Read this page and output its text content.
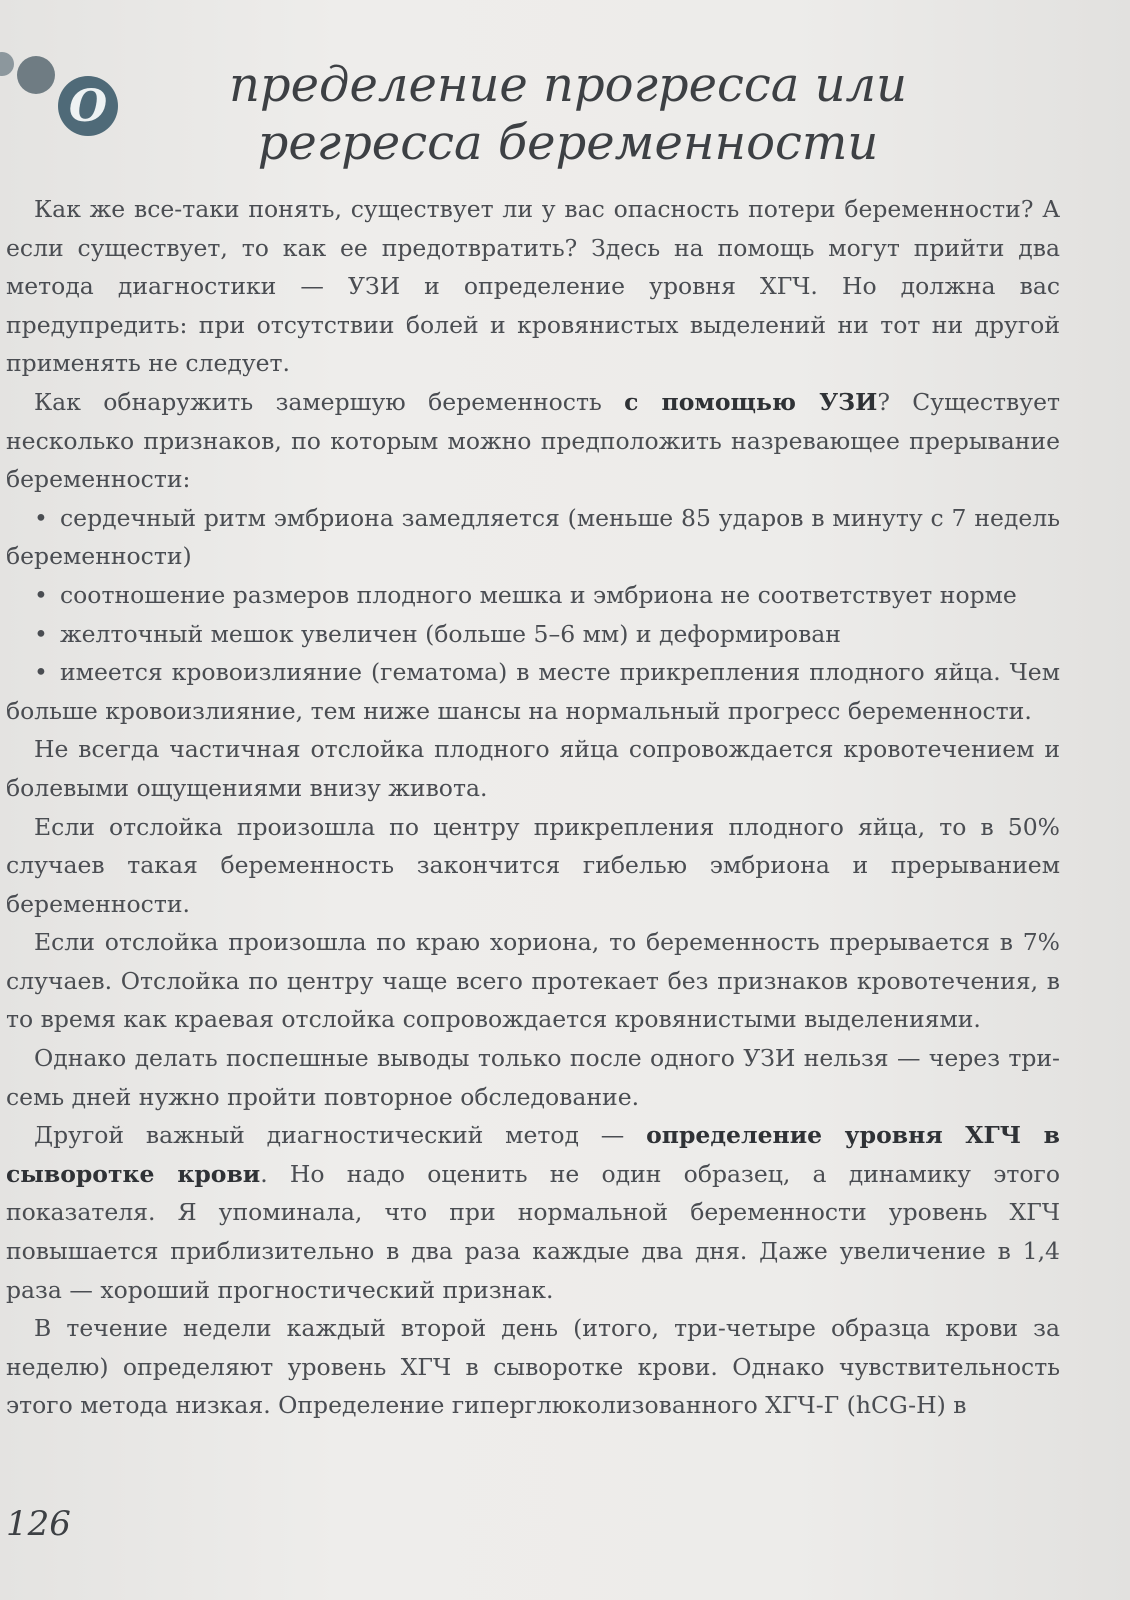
О	пределение прогресса или регресса беременности

Как же все-таки понять, существует ли у вас опасность потери беременности? А если существует, то как ее предотвратить? Здесь на помощь могут прийти два метода диагностики — УЗИ и определение уровня ХГЧ. Но должна вас предупредить: при отсутствии болей и кровянистых выделений ни тот ни другой применять не следует.

Как обнаружить замершую беременность с помощью УЗИ? Существует несколько признаков, по которым можно предположить назревающее прерывание беременности:

• сердечный ритм эмбриона замедляется (меньше 85 ударов в минуту с 7 недель беременности)

• соотношение размеров плодного мешка и эмбриона не соответствует норме

• желточный мешок увеличен (больше 5–6 мм) и деформирован

• имеется кровоизлияние (гематома) в месте прикрепления плодного яйца. Чем больше кровоизлияние, тем ниже шансы на нормальный прогресс беременности.

Не всегда частичная отслойка плодного яйца сопровождается кровотечением и болевыми ощущениями внизу живота.

Если отслойка произошла по центру прикрепления плодного яйца, то в 50% случаев такая беременность закончится гибелью эмбриона и прерыванием беременности.

Если отслойка произошла по краю хориона, то беременность прерывается в 7% случаев. Отслойка по центру чаще всего протекает без признаков кровотечения, в то время как краевая отслойка сопровождается кровянистыми выделениями.

Однако делать поспешные выводы только после одного УЗИ нельзя — через три-семь дней нужно пройти повторное обследование.

Другой важный диагностический метод — определение уровня ХГЧ в сыворотке крови. Но надо оценить не один образец, а динамику этого показателя. Я упоминала, что при нормальной беременности уровень ХГЧ повышается приблизительно в два раза каждые два дня. Даже увеличение в 1,4 раза — хороший прогностический признак.

В течение недели каждый второй день (итого, три-четыре образца крови за неделю) определяют уровень ХГЧ в сыворотке крови. Однако чувствительность этого метода низкая. Определение гиперглюколизованного ХГЧ-Г (hCG-H) в

126
